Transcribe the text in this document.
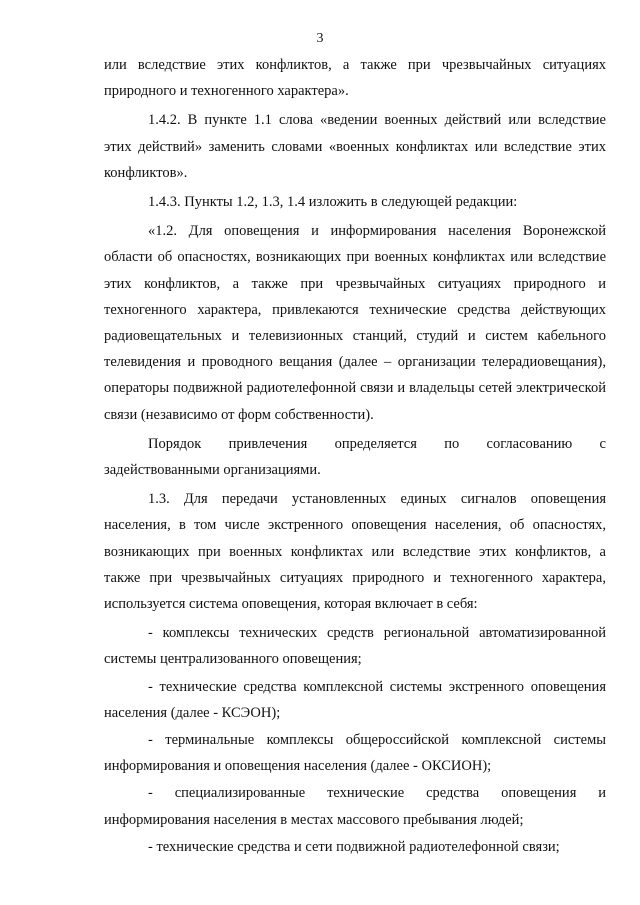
3

или вследствие этих конфликтов, а также при чрезвычайных ситуациях природного и техногенного характера».

1.4.2. В пункте 1.1 слова «ведении военных действий или вследствие этих действий» заменить словами «военных конфликтах или вследствие этих конфликтов».

1.4.3. Пункты 1.2, 1.3, 1.4 изложить в следующей редакции:

«1.2. Для оповещения и информирования населения Воронежской области об опасностях, возникающих при военных конфликтах или вследствие этих конфликтов, а также при чрезвычайных ситуациях природного и техногенного характера, привлекаются технические средства действующих радиовещательных и телевизионных станций, студий и систем кабельного телевидения и проводного вещания (далее – организации телерадиовещания), операторы подвижной радиотелефонной связи и владельцы сетей электрической связи (независимо от форм собственности).

Порядок привлечения определяется по согласованию с задействованными организациями.

1.3. Для передачи установленных единых сигналов оповещения населения, в том числе экстренного оповещения населения, об опасностях, возникающих при военных конфликтах или вследствие этих конфликтов, а также при чрезвычайных ситуациях природного и техногенного характера, используется система оповещения, которая включает в себя:

- комплексы технических средств региональной автоматизированной системы централизованного оповещения;

- технические средства комплексной системы экстренного оповещения населения (далее - КСЭОН);

- терминальные комплексы общероссийской комплексной системы информирования и оповещения населения (далее - ОКСИОН);

- специализированные технические средства оповещения и информирования населения в местах массового пребывания людей;

- технические средства и сети подвижной радиотелефонной связи;
